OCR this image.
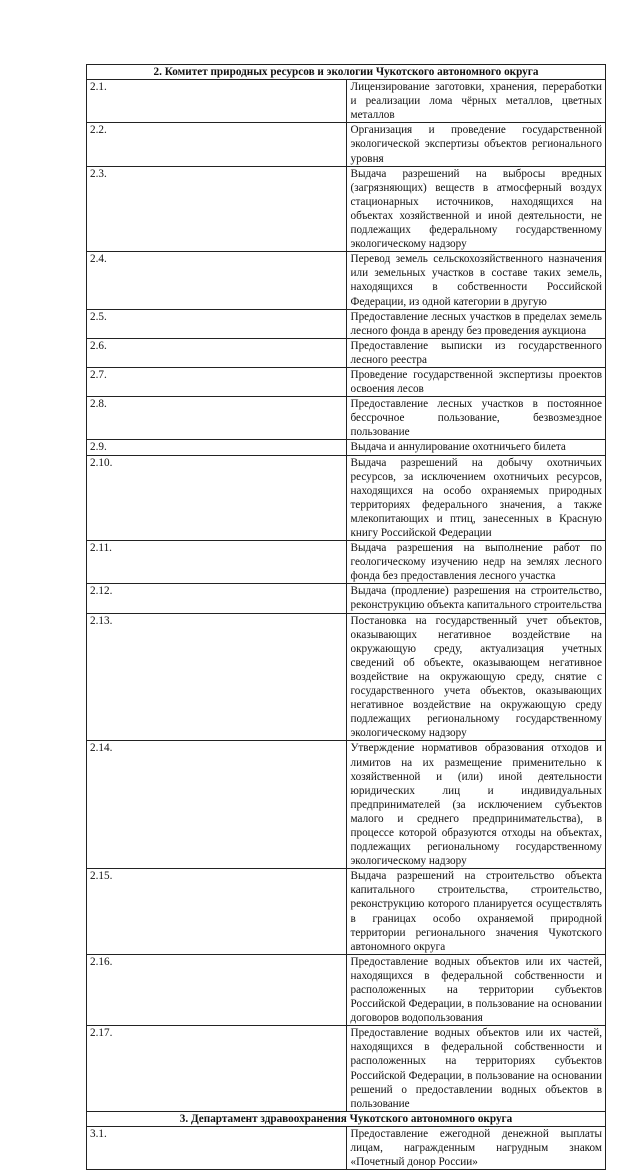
2. Комитет природных ресурсов и экологии Чукотского автономного округа	
2.1.	Лицензирование заготовки, хранения, переработки и реализации лома чёрных металлов, цветных металлов
2.2.	Организация и проведение государственной экологической экспертизы объектов регионального уровня
2.3.	Выдача разрешений на выбросы вредных (загрязняющих) веществ в атмосферный воздух стационарных источников, находящихся на объектах хозяйственной и иной деятельности, не подлежащих федеральному государственному экологическому надзору
2.4.	Перевод земель сельскохозяйственного назначения или земельных участков в составе таких земель, находящихся в собственности Российской Федерации, из одной категории в другую
2.5.	Предоставление лесных участков в пределах земель лесного фонда в аренду без проведения аукциона
2.6.	Предоставление выписки из государственного лесного реестра
2.7.	Проведение государственной экспертизы проектов освоения лесов
2.8.	Предоставление лесных участков в постоянное бессрочное пользование, безвозмездное пользование
2.9.	Выдача и аннулирование охотничьего билета
2.10.	Выдача разрешений на добычу охотничьих ресурсов, за исключением охотничьих ресурсов, находящихся на особо охраняемых природных территориях федерального значения, а также млекопитающих и птиц, занесенных в Красную книгу Российской Федерации
2.11.	Выдача разрешения на выполнение работ по геологическому изучению недр на землях лесного фонда без предоставления лесного участка
2.12.	Выдача (продление) разрешения на строительство, реконструкцию объекта капитального строительства
2.13.	Постановка на государственный учет объектов, оказывающих негативное воздействие на окружающую среду, актуализация учетных сведений об объекте, оказывающем негативное воздействие на окружающую среду, снятие с государственного учета объектов, оказывающих негативное воздействие на окружающую среду подлежащих региональному государственному экологическому надзору
2.14.	Утверждение нормативов образования отходов и лимитов на их размещение применительно к хозяйственной и (или) иной деятельности юридических лиц и индивидуальных предпринимателей (за исключением субъектов малого и среднего предпринимательства), в процессе которой образуются отходы на объектах, подлежащих региональному государственному экологическому надзору
2.15.	Выдача разрешений на строительство объекта капитального строительства, строительство, реконструкцию которого планируется осуществлять в границах особо охраняемой природной территории регионального значения Чукотского автономного округа
2.16.	Предоставление водных объектов или их частей, находящихся в федеральной собственности и расположенных на территории субъектов Российской Федерации, в пользование на основании договоров водопользования
2.17.	Предоставление водных объектов или их частей, находящихся в федеральной собственности и расположенных на территориях субъектов Российской Федерации, в пользование на основании решений о предоставлении водных объектов в пользование
3. Департамент здравоохранения Чукотского автономного округа	
3.1.	Предоставление ежегодной денежной выплаты лицам, награжденным нагрудным знаком «Почетный донор России»
